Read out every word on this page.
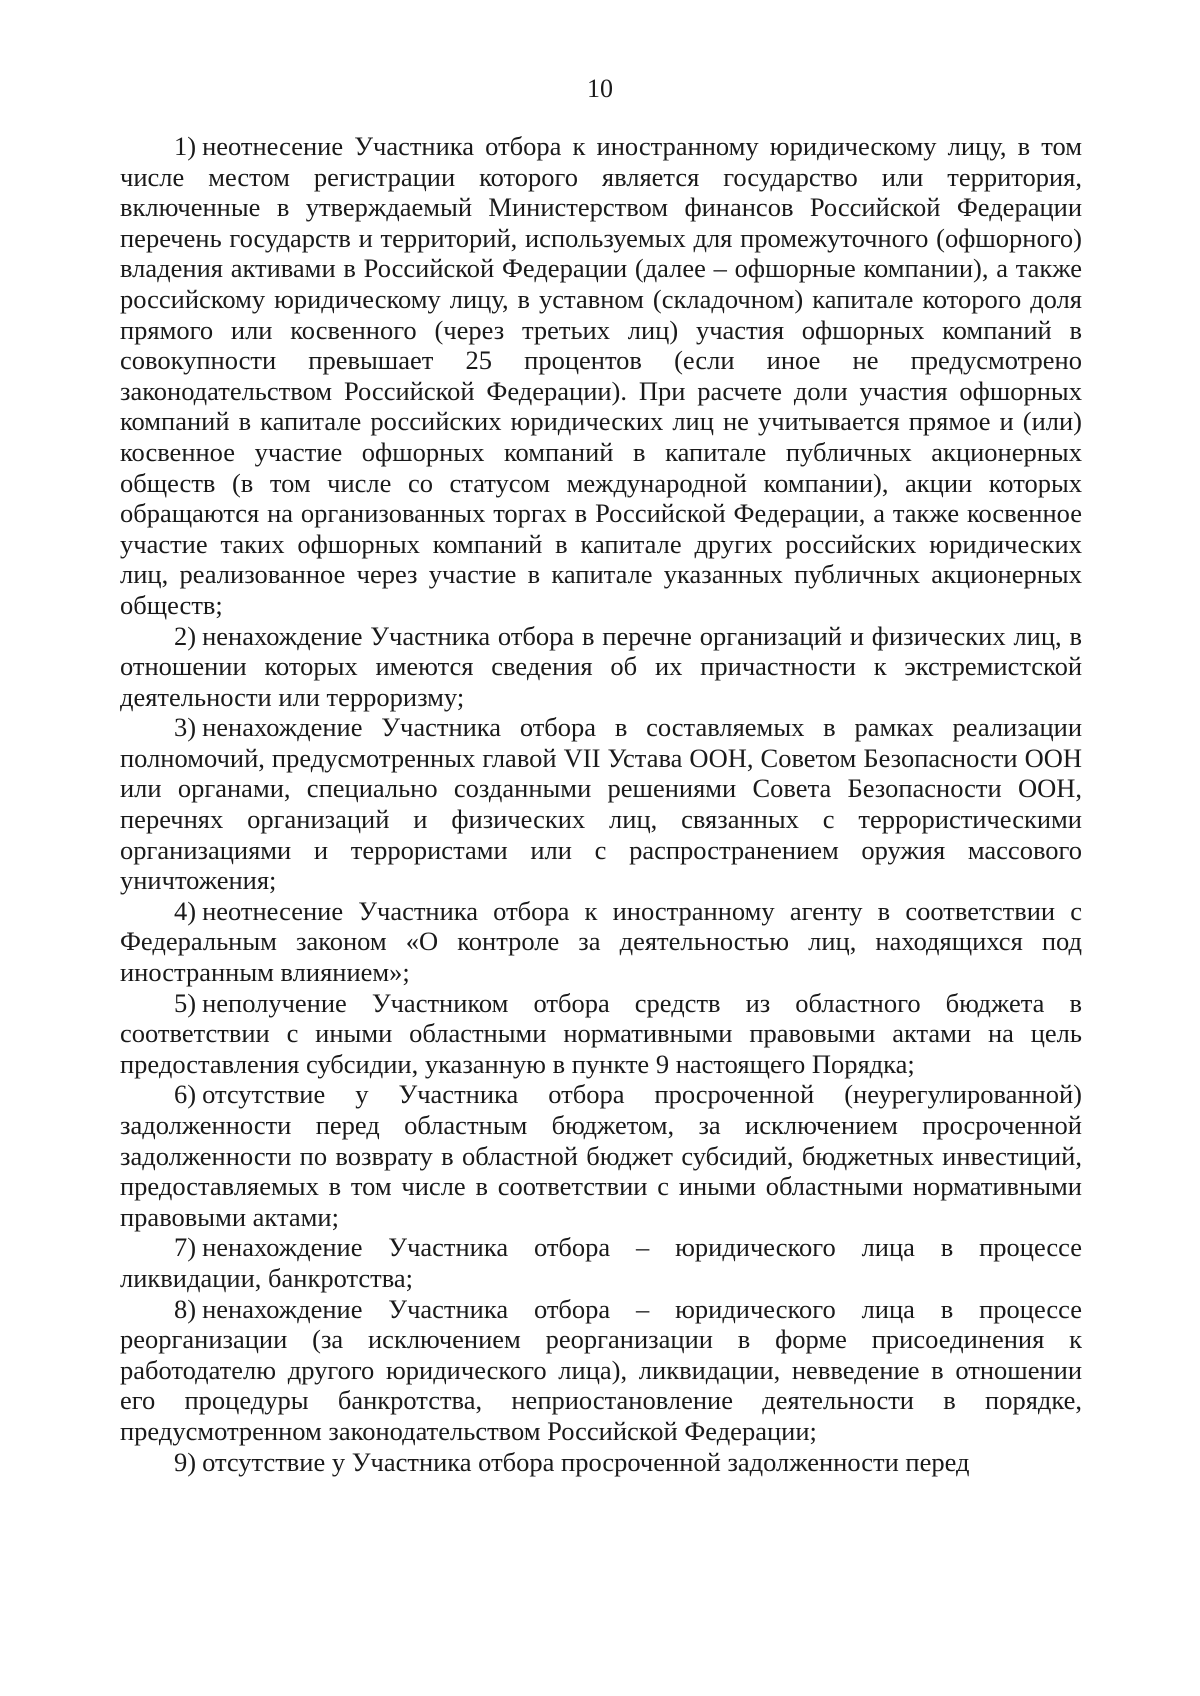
10

1) неотнесение Участника отбора к иностранному юридическому лицу, в том числе местом регистрации которого является государство или территория, включенные в утверждаемый Министерством финансов Российской Федерации перечень государств и территорий, используемых для промежуточного (офшорного) владения активами в Российской Федерации (далее – офшорные компании), а также российскому юридическому лицу, в уставном (складочном) капитале которого доля прямого или косвенного (через третьих лиц) участия офшорных компаний в совокупности превышает 25 процентов (если иное не предусмотрено законодательством Российской Федерации). При расчете доли участия офшорных компаний в капитале российских юридических лиц не учитывается прямое и (или) косвенное участие офшорных компаний в капитале публичных акционерных обществ (в том числе со статусом международной компании), акции которых обращаются на организованных торгах в Российской Федерации, а также косвенное участие таких офшорных компаний в капитале других российских юридических лиц, реализованное через участие в капитале указанных публичных акционерных обществ;

2) ненахождение Участника отбора в перечне организаций и физических лиц, в отношении которых имеются сведения об их причастности к экстремистской деятельности или терроризму;

3) ненахождение Участника отбора в составляемых в рамках реализации полномочий, предусмотренных главой VII Устава ООН, Советом Безопасности ООН или органами, специально созданными решениями Совета Безопасности ООН, перечнях организаций и физических лиц, связанных с террористическими организациями и террористами или с распространением оружия массового уничтожения;

4) неотнесение Участника отбора к иностранному агенту в соответствии с Федеральным законом «О контроле за деятельностью лиц, находящихся под иностранным влиянием»;

5) неполучение Участником отбора средств из областного бюджета в соответствии с иными областными нормативными правовыми актами на цель предоставления субсидии, указанную в пункте 9 настоящего Порядка;

6) отсутствие у Участника отбора просроченной (неурегулированной) задолженности перед областным бюджетом, за исключением просроченной задолженности по возврату в областной бюджет субсидий, бюджетных инвестиций, предоставляемых в том числе в соответствии с иными областными нормативными правовыми актами;

7) ненахождение Участника отбора – юридического лица в процессе ликвидации, банкротства;

8) ненахождение Участника отбора – юридического лица в процессе реорганизации (за исключением реорганизации в форме присоединения к работодателю другого юридического лица), ликвидации, невведение в отношении его процедуры банкротства, неприостановление деятельности в порядке, предусмотренном законодательством Российской Федерации;

9) отсутствие у Участника отбора просроченной задолженности перед
